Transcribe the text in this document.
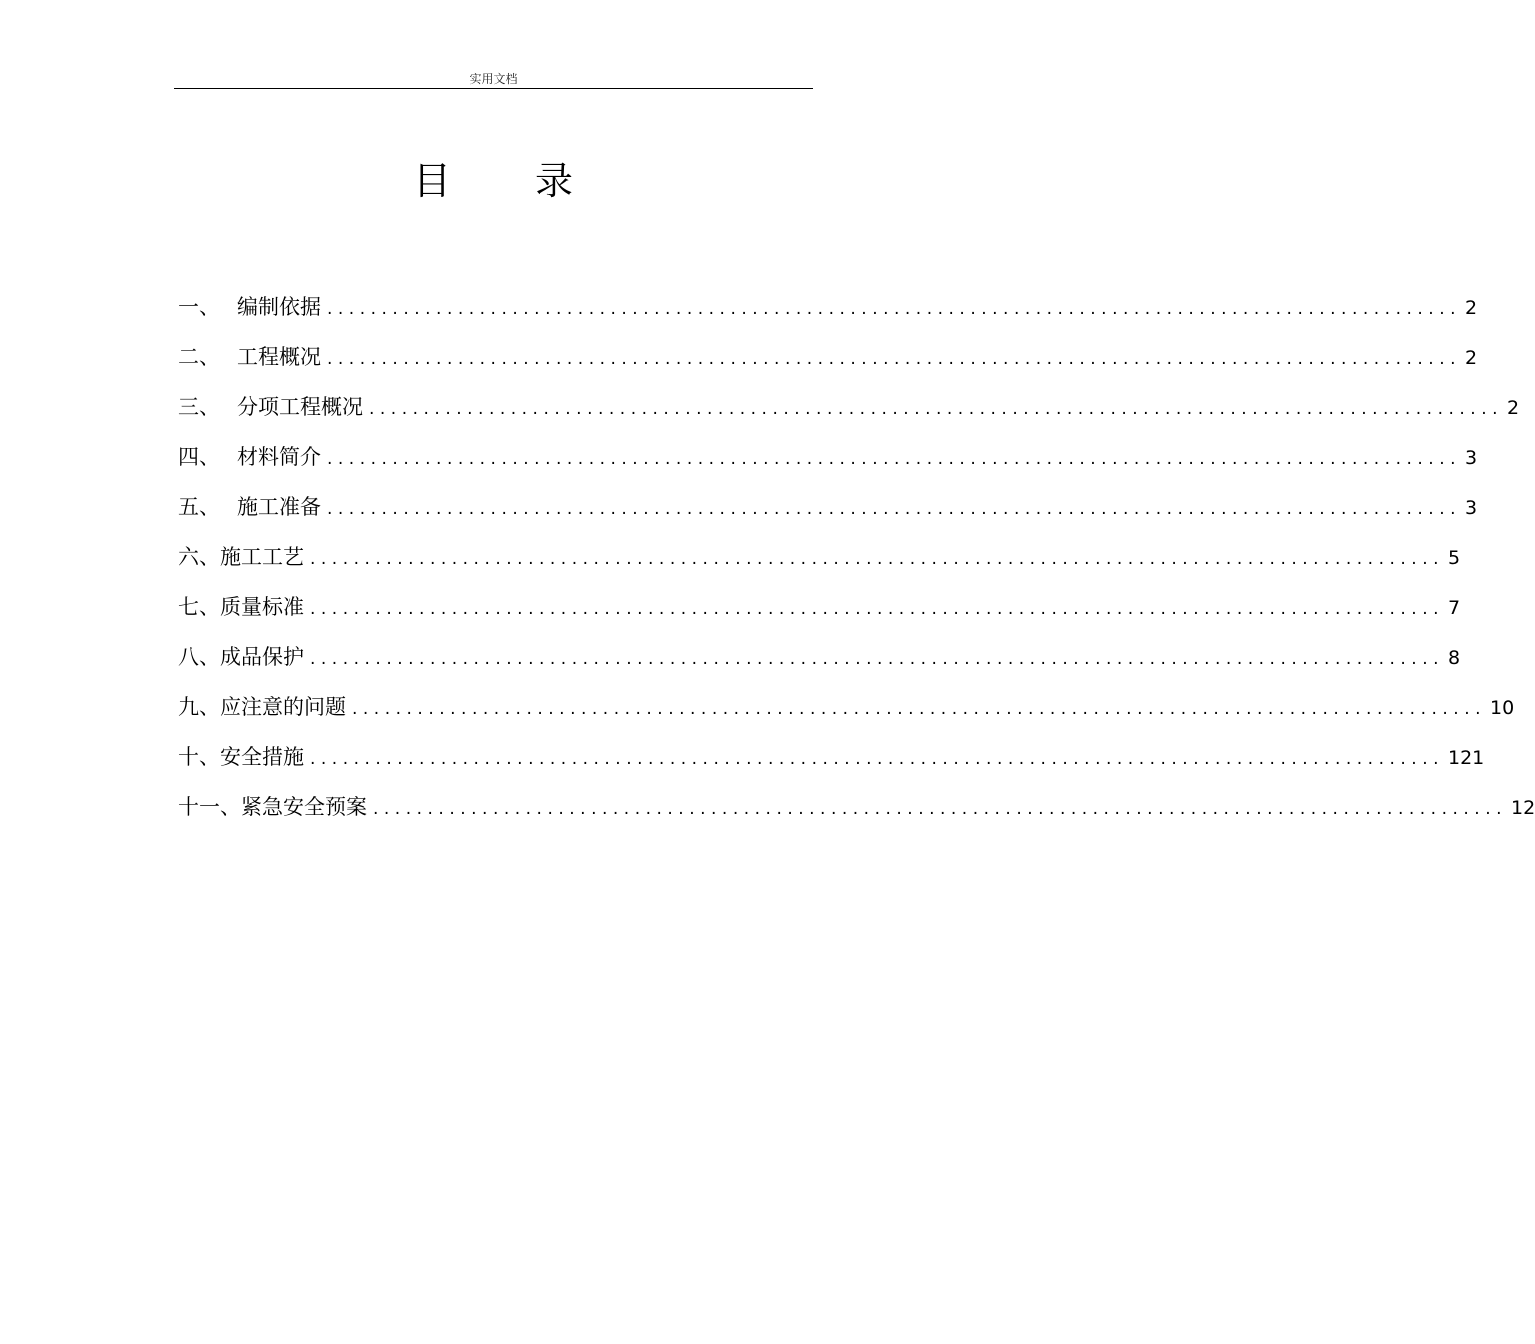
实用文档
目 录
一、 编制依据 ........................................................................................................ 2
二、 工程概况 ........................................................................................................ 2
三、 分项工程概况 ........................................................................................................ 2
四、 材料简介 ........................................................................................................ 3
五、 施工准备 ........................................................................................................ 3
六、 施工工艺 ........................................................................................................ 5
七、 质量标准 ........................................................................................................ 7
八、 成品保护 ........................................................................................................ 8
九、 应注意的问题 ........................................................................................................ 10
十、 安全措施 ........................................................................................................ 121
十一、 紧急安全预案 ........................................................................................................ 12
